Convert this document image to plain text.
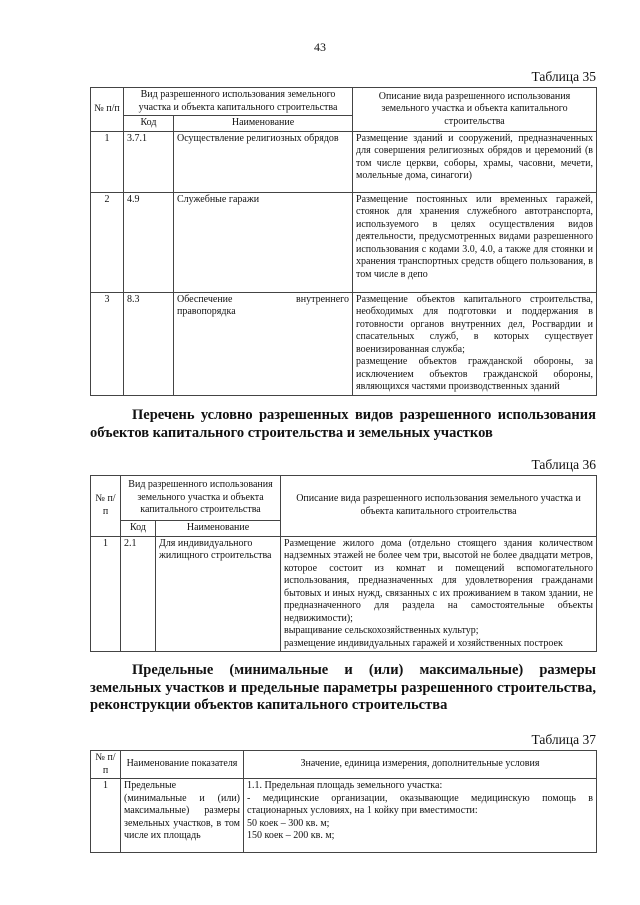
43
Таблица 35
№ п/п	Вид разрешенного использования земельного участка и объекта капитального строительства		Описание вида разрешенного использования земельного участка и объекта капитального строительства
	Код	Наименование	
1	3.7.1	Осуществление религиозных обрядов	Размещение зданий и сооружений, предназначенных для совершения религиозных обрядов и церемоний (в том числе церкви, соборы, храмы, часовни, мечети, молельные дома, синагоги)
2	4.9	Служебные гаражи	Размещение постоянных или временных гаражей, стоянок для хранения служебного автотранспорта, используемого в целях осуществления видов деятельности, предусмотренных видами разрешенного использования с кодами 3.0, 4.0, а также для стоянки и хранения транспортных средств общего пользования, в том числе в депо
3	8.3	Обеспечение внутреннего правопорядка	Размещение объектов капитального строительства, необходимых для подготовки и поддержания в готовности органов внутренних дел, Росгвардии и спасательных служб, в которых существует военизированная служба;
размещение объектов гражданской обороны, за исключением объектов гражданской обороны, являющихся частями производственных зданий
Перечень условно разрешенных видов разрешенного использования объектов капитального строительства и земельных участков
Таблица 36
№ п/п	Вид разрешенного использования земельного участка и объекта капитального строительства		Описание вида разрешенного использования земельного участка и объекта капитального строительства
	Код	Наименование	
1	2.1	Для индивидуального жилищного строительства	Размещение жилого дома (отдельно стоящего здания количеством надземных этажей не более чем три, высотой не более двадцати метров, которое состоит из комнат и помещений вспомогательного использования, предназначенных для удовлетворения гражданами бытовых и иных нужд, связанных с их проживанием в таком здании, не предназначенного для раздела на самостоятельные объекты недвижимости);
выращивание сельскохозяйственных культур;
размещение индивидуальных гаражей и хозяйственных построек
Предельные (минимальные и (или) максимальные) размеры земельных участков и предельные параметры разрешенного строительства, реконструкции объектов капитального строительства
Таблица 37
№ п/п	Наименование показателя	Значение, единица измерения, дополнительные условия
1	Предельные (минимальные и (или) максимальные) размеры земельных участков, в том числе их площадь	1.1. Предельная площадь земельного участка:
- медицинские организации, оказывающие медицинскую помощь в стационарных условиях, на 1 койку при вместимости:
50 коек – 300 кв. м;
150 коек – 200 кв. м;
